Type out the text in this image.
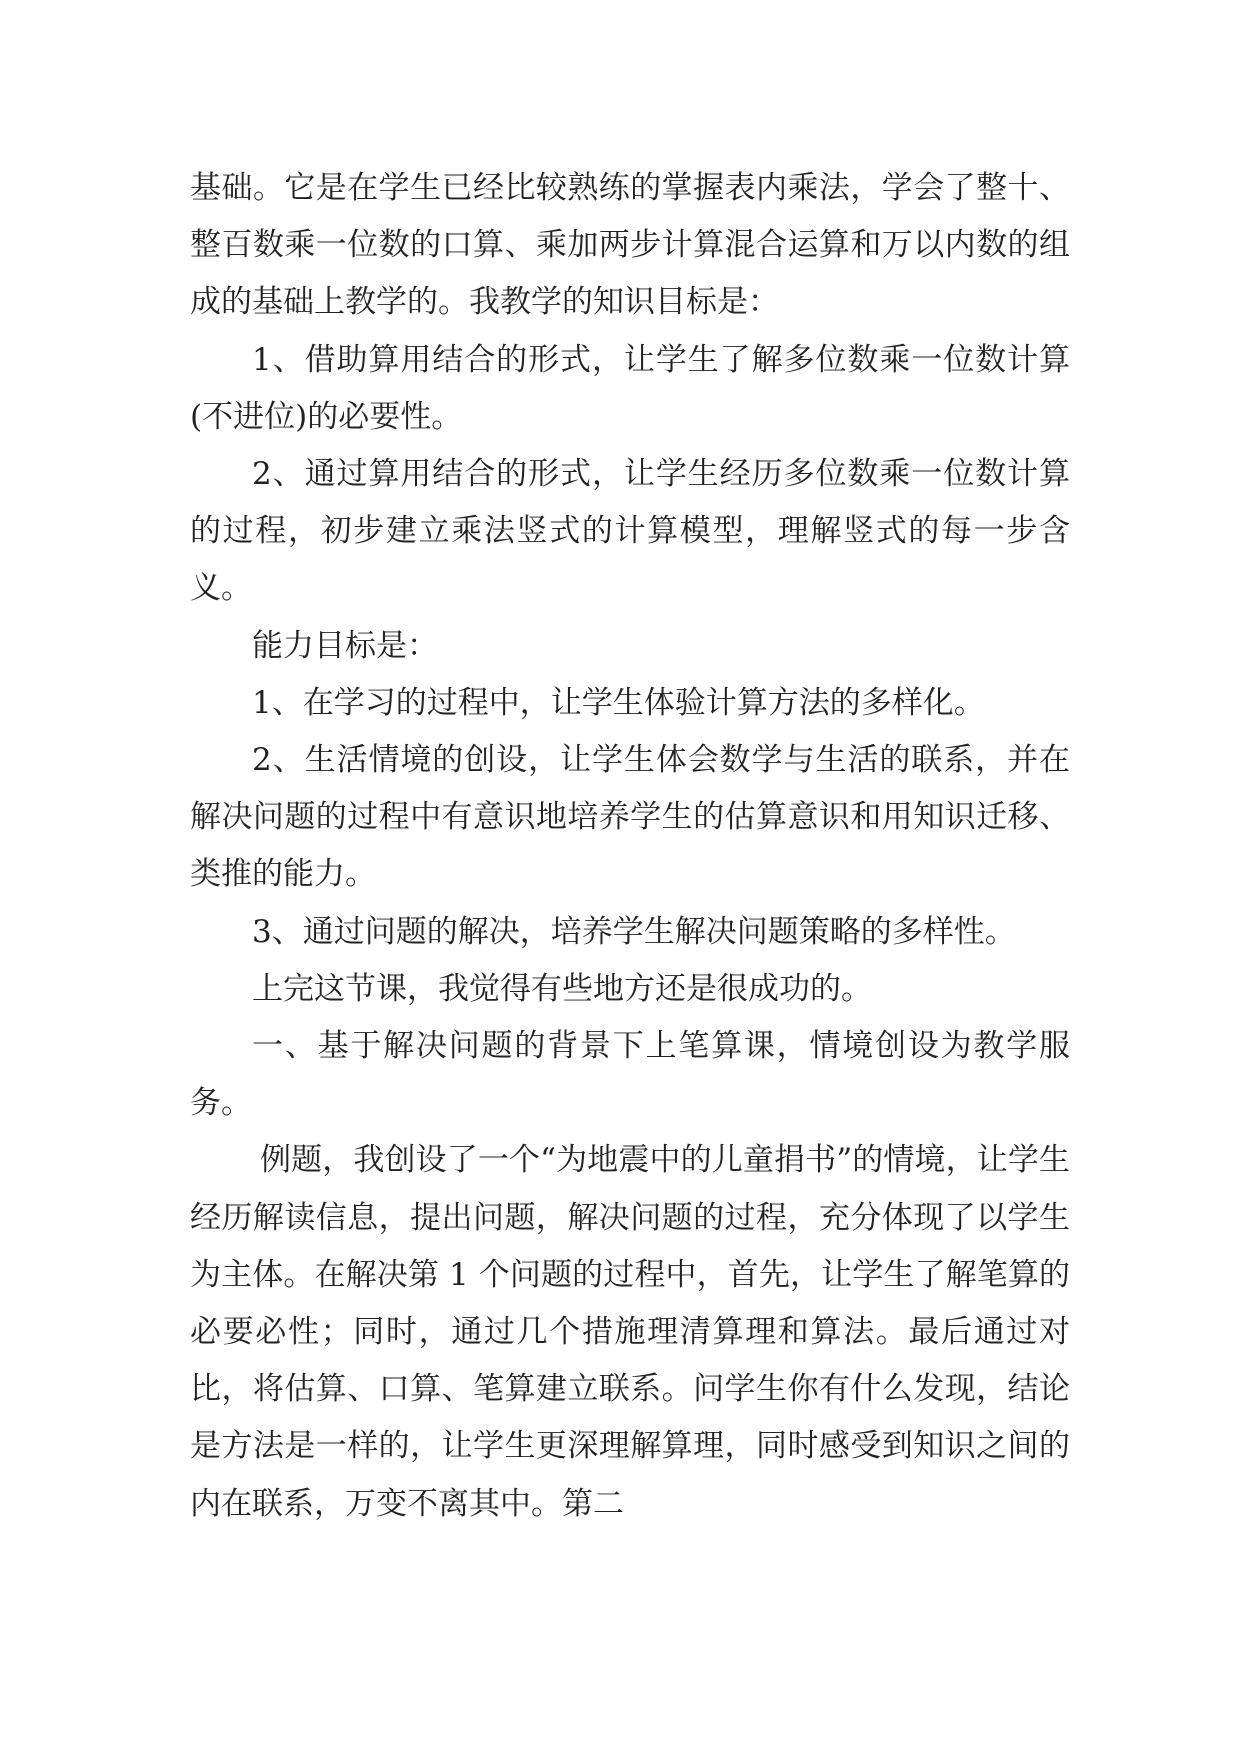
基础。它是在学生已经比较熟练的掌握表内乘法，学会了整十、整百数乘一位数的口算、乘加两步计算混合运算和万以内数的组成的基础上教学的。我教学的知识目标是：

1、借助算用结合的形式，让学生了解多位数乘一位数计算(不进位)的必要性。

2、通过算用结合的形式，让学生经历多位数乘一位数计算的过程，初步建立乘法竖式的计算模型，理解竖式的每一步含义。

能力目标是：

1、在学习的过程中，让学生体验计算方法的多样化。

2、生活情境的创设，让学生体会数学与生活的联系，并在解决问题的过程中有意识地培养学生的估算意识和用知识迁移、类推的能力。

3、通过问题的解决，培养学生解决问题策略的多样性。

上完这节课，我觉得有些地方还是很成功的。

一、基于解决问题的背景下上笔算课，情境创设为教学服务。

例题，我创设了一个“为地震中的儿童捐书”的情境，让学生经历解读信息，提出问题，解决问题的过程，充分体现了以学生为主体。在解决第 1 个问题的过程中，首先，让学生了解笔算的必要必性；同时，通过几个措施理清算理和算法。最后通过对比，将估算、口算、笔算建立联系。问学生你有什么发现，结论是方法是一样的，让学生更深理解算理，同时感受到知识之间的内在联系，万变不离其中。第二
